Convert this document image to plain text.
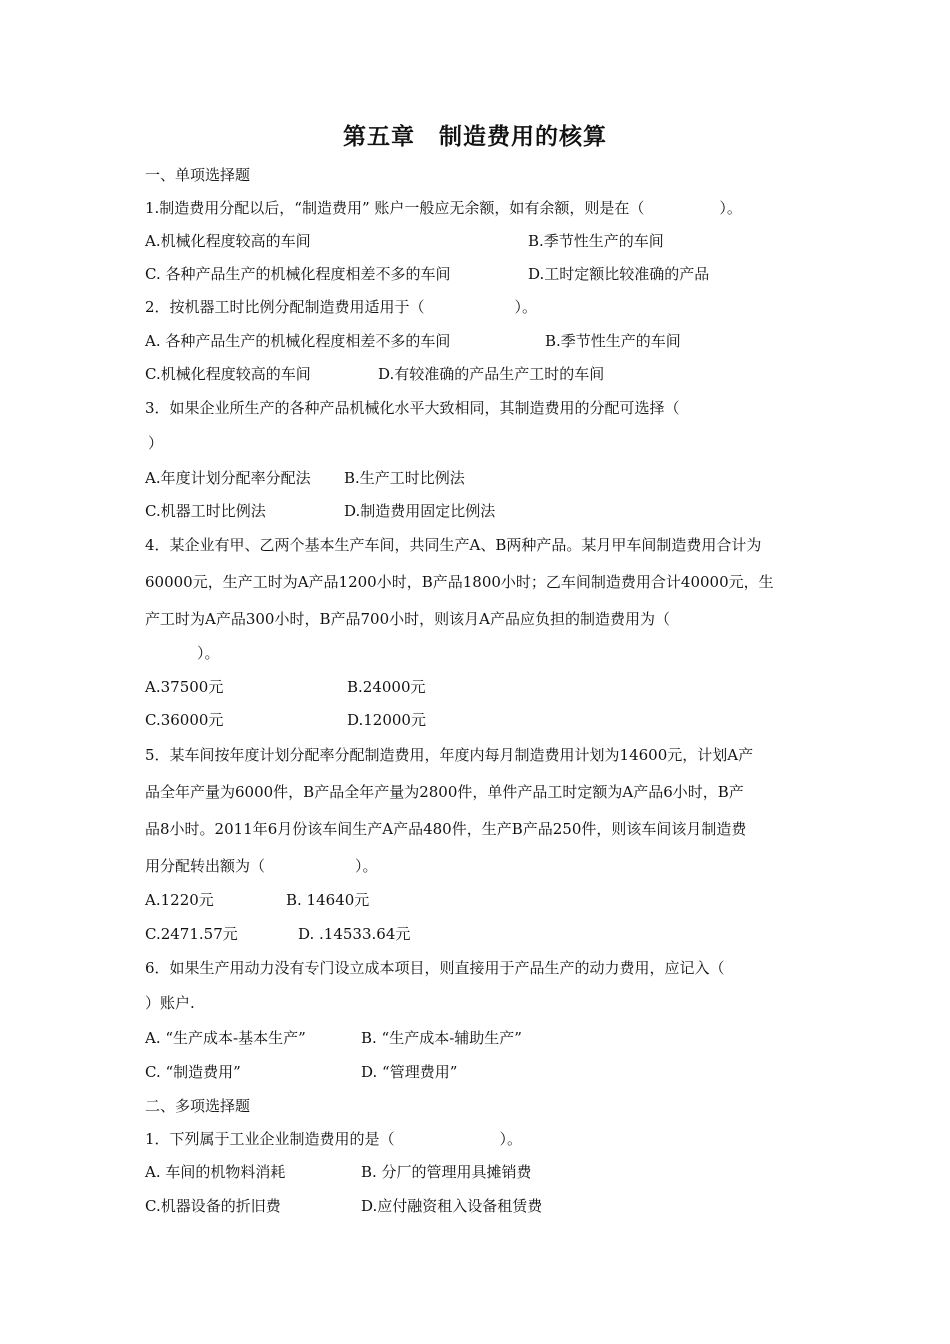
第五章　制造费用的核算
一、单项选择题
1.制造费用分配以后，“制造费用” 账户一般应无余额，如有余额，则是在（　　　　　）。
A.机械化程度较高的车间	B.季节性生产的车间
C. 各种产品生产的机械化程度相差不多的车间	D.工时定额比较准确的产品
2．按机器工时比例分配制造费用适用于（　　　　　　）。
A. 各种产品生产的机械化程度相差不多的车间	B.季节性生产的车间
C.机械化程度较高的车间	D.有较准确的产品生产工时的车间
3．如果企业所生产的各种产品机械化水平大致相同，其制造费用的分配可选择（
）
A.年度计划分配率分配法 B.生产工时比例法
C.机器工时比例法	D.制造费用固定比例法
4．某企业有甲、乙两个基本生产车间，共同生产A、B两种产品。某月甲车间制造费用合计为
60000元，生产工时为A产品1200小时，B产品1800小时；乙车间制造费用合计40000元，生
产工时为A产品300小时，B产品700小时，则该月A产品应负担的制造费用为（
）。
A.37500元	B.24000元
C.36000元	D.12000元
5．某车间按年度计划分配率分配制造费用，年度内每月制造费用计划为14600元，计划A产
品全年产量为6000件，B产品全年产量为2800件，单件产品工时定额为A产品6小时，B产
品8小时。2011年6月份该车间生产A产品480件，生产B产品250件，则该车间该月制造费
用分配转出额为（　　　　　　）。
A.1220元	B. 14640元
C.2471.57元	D. .14533.64元
6．如果生产用动力没有专门设立成本项目，则直接用于产品生产的动力费用，应记入（
）账户.
A. “生产成本-基本生产”	B. “生产成本-辅助生产”
C. “制造费用”	D. “管理费用”
二、多项选择题
1．下列属于工业企业制造费用的是（　　　　　　　）。
A. 车间的机物料消耗	B. 分厂的管理用具摊销费
C.机器设备的折旧费	D.应付融资租入设备租赁费
